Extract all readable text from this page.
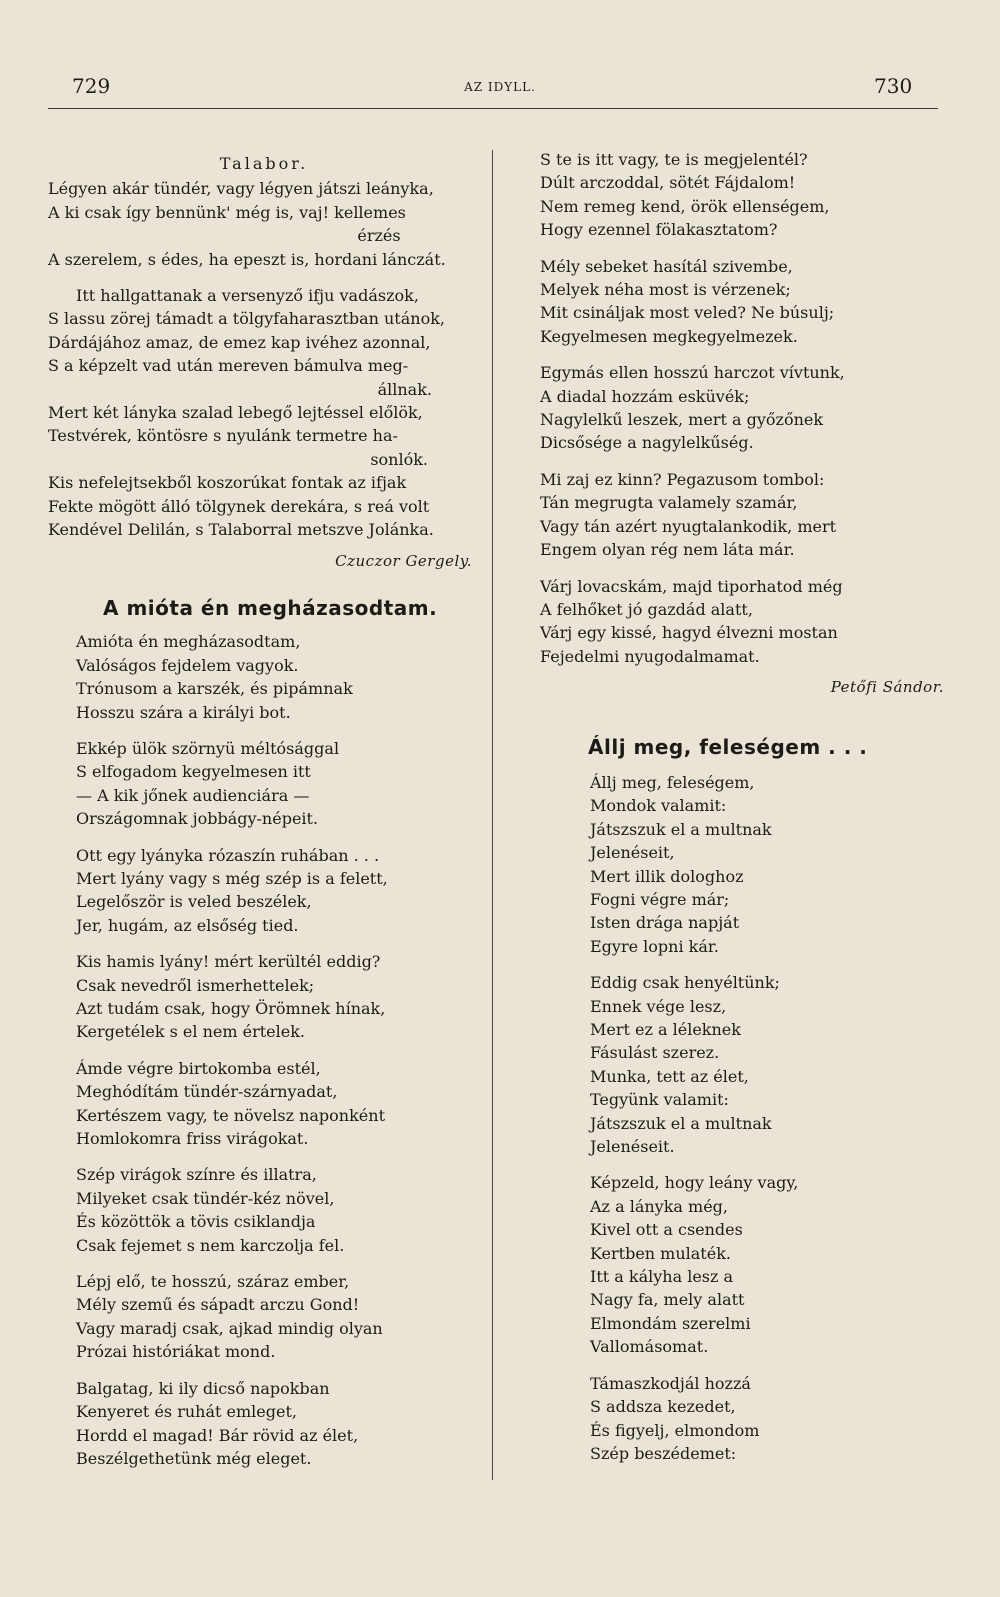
729	AZ IDYLL.	730
Talabor.
Légyen akár tündér, vagy légyen játszi leányka,
A ki csak így bennünk' még is, vaj! kellemes
érzés
A szerelem, s édes, ha epeszt is, hordani lánczát.
Itt hallgattanak a versenyző ifju vadászok,
S lassu zörej támadt a tölgyfaharasztban utánok,
Dárdájához amaz, de emez kap ivéhez azonnal,
S a képzelt vad után mereven bámulva meg-
állnak.
Mert két lányka szalad lebegő lejtéssel előlök,
Testvérek, köntösre s nyulánk termetre ha-
sonlók.
Kis nefelejtsekből koszorúkat fontak az ifjak
Fekte mögött álló tölgynek derekára, s reá volt
Kendével Delilán, s Talaborral metszve Jolánka.
Czuczor Gergely.
A mióta én megházasodtam.
Amióta én megházasodtam,
Valóságos fejdelem vagyok.
Trónusom a karszék, és pipámnak
Hosszu szára a királyi bot.
Ekkép ülök szörnyü méltósággal
S elfogadom kegyelmesen itt
— A kik jőnek audienciára —
Országomnak jobbágy-népeit.
Ott egy lyányka rózaszín ruhában . . .
Mert lyány vagy s még szép is a felett,
Legelőször is veled beszélek,
Jer, hugám, az elsőség tied.
Kis hamis lyány! mért kerültél eddig?
Csak nevedről ismerhettelek;
Azt tudám csak, hogy Örömnek hínak,
Kergetélek s el nem értelek.
Ámde végre birtokomba estél,
Meghódítám tündér-szárnyadat,
Kertészem vagy, te növelsz naponként
Homlokomra friss virágokat.
Szép virágok színre és illatra,
Milyeket csak tündér-kéz növel,
És közöttök a tövis csiklandja
Csak fejemet s nem karczolja fel.
Lépj elő, te hosszú, száraz ember,
Mély szemű és sápadt arczu Gond!
Vagy maradj csak, ajkad mindig olyan
Prózai históriákat mond.
Balgatag, ki ily dicső napokban
Kenyeret és ruhát emleget,
Hordd el magad! Bár rövid az élet,
Beszélgethetünk még eleget.
S te is itt vagy, te is megjelentél?
Dúlt arczoddal, sötét Fájdalom!
Nem remeg kend, örök ellenségem,
Hogy ezennel fölakasztatom?
Mély sebeket hasítál szivembe,
Melyek néha most is vérzenek;
Mit csináljak most veled? Ne búsulj;
Kegyelmesen megkegyelmezek.
Egymás ellen hosszú harczot vívtunk,
A diadal hozzám esküvék;
Nagylelkű leszek, mert a győzőnek
Dicsősége a nagylelkűség.
Mi zaj ez kinn? Pegazusom tombol:
Tán megrugta valamely szamár,
Vagy tán azért nyugtalankodik, mert
Engem olyan rég nem láta már.
Várj lovacskám, majd tiporhatod még
A felhőket jó gazdád alatt,
Várj egy kissé, hagyd élvezni mostan
Fejedelmi nyugodalmamat.
Petőfi Sándor.
Állj meg, feleségem . . .
Állj meg, feleségem,
Mondok valamit:
Játszszuk el a multnak
Jelenéseit,
Mert illik dologhoz
Fogni végre már;
Isten drága napját
Egyre lopni kár.
Eddig csak henyéltünk;
Ennek vége lesz,
Mert ez a léleknek
Fásulást szerez.
Munka, tett az élet,
Tegyünk valamit:
Játszszuk el a multnak
Jelenéseit.
Képzeld, hogy leány vagy,
Az a lányka még,
Kivel ott a csendes
Kertben mulaték.
Itt a kályha lesz a
Nagy fa, mely alatt
Elmondám szerelmi
Vallomásomat.
Támaszkodjál hozzá
S addsza kezedet,
És figyelj, elmondom
Szép beszédemet:
